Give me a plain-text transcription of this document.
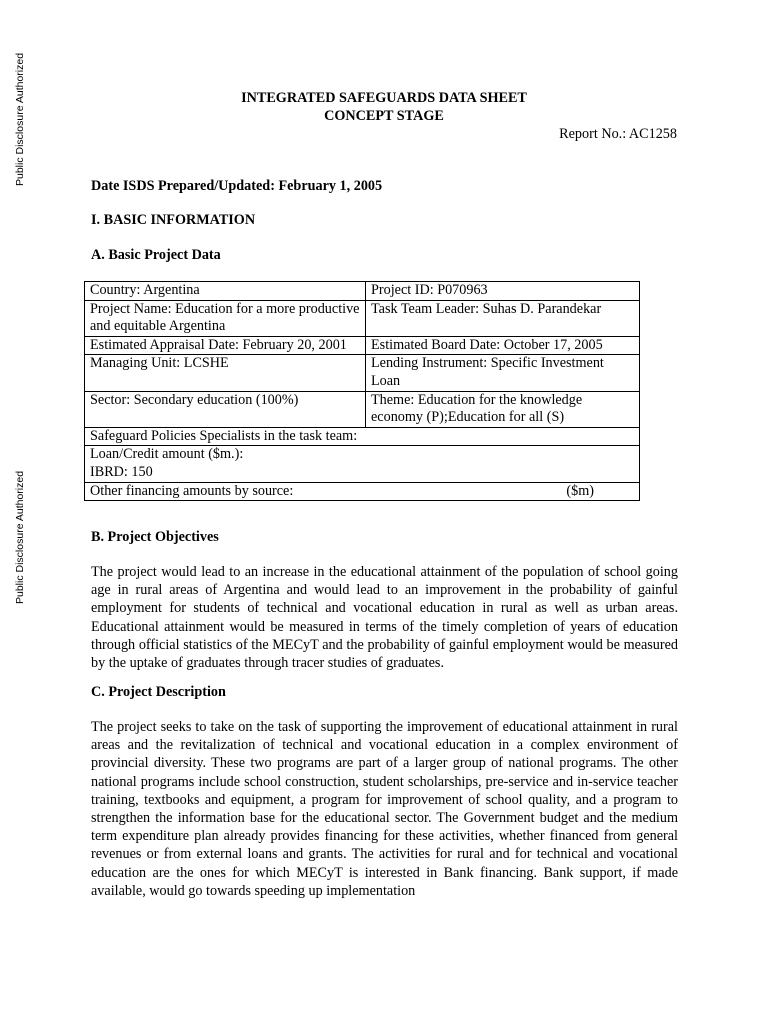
Public Disclosure Authorized
Public Disclosure Authorized
INTEGRATED SAFEGUARDS DATA SHEET
CONCEPT STAGE
Report No.: AC1258
Date ISDS Prepared/Updated: February 1, 2005
I. BASIC INFORMATION
A. Basic Project Data
Country: Argentina	Project ID: P070963
Project Name: Education for a more productive and equitable Argentina	Task Team Leader: Suhas D. Parandekar
Estimated Appraisal Date: February 20, 2001	Estimated Board Date: October 17, 2005
Managing Unit: LCSHE	Lending Instrument: Specific Investment Loan
Sector: Secondary education (100%)	Theme: Education for the knowledge economy (P);Education for all (S)
Safeguard Policies Specialists in the task team:	

Loan/Credit amount ($m.):
IBRD: 150	

Other financing amounts by source: ($m)	
B. Project Objectives

The project would lead to an increase in the educational attainment of the population of school going age in rural areas of Argentina and would lead to an improvement in the probability of gainful employment for students of technical and vocational education in rural as well as urban areas. Educational attainment would be measured in terms of the timely completion of years of education through official statistics of the MECyT and the probability of gainful employment would be measured by the uptake of graduates through tracer studies of graduates.

C. Project Description

The project seeks to take on the task of supporting the improvement of educational attainment in rural areas and the revitalization of technical and vocational education in a complex environment of provincial diversity. These two programs are part of a larger group of national programs. The other national programs include school construction, student scholarships, pre-service and in-service teacher training, textbooks and equipment, a program for improvement of school quality, and a program to strengthen the information base for the educational sector. The Government budget and the medium term expenditure plan already provides financing for these activities, whether financed from general revenues or from external loans and grants. The activities for rural and for technical and vocational education are the ones for which MECyT is interested in Bank financing. Bank support, if made available, would go towards speeding up implementation
